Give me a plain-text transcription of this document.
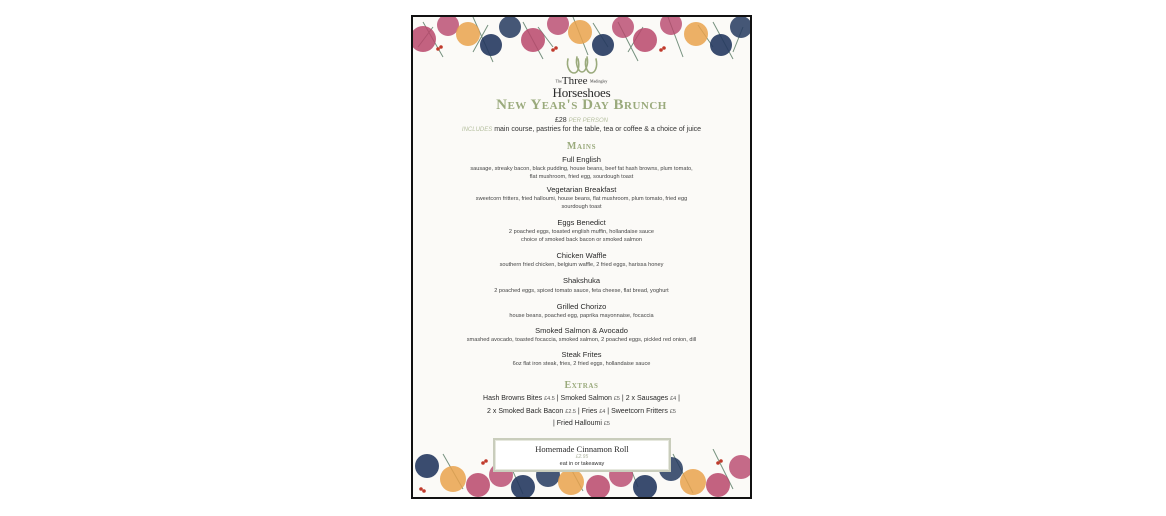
TheThree Madingley
Horseshoes
New Year's Day Brunch
£28 PER PERSON
INCLUDES main course, pastries for the table, tea or coffee & a choice of juice
Mains
Full English
sausage, streaky bacon, black pudding, house beans, beef fat hash browns, plum tomato,
flat mushroom, fried egg, sourdough toast
Vegetarian Breakfast
sweetcorn fritters, fried halloumi, house beans, flat mushroom, plum tomato, fried egg
sourdough toast
Eggs Benedict
2 poached eggs, toasted english muffin, hollandaise sauce
choice of smoked back bacon or smoked salmon
Chicken Waffle
southern fried chicken, belgium waffle, 2 fried eggs, harissa honey
Shakshuka
2 poached eggs, spiced tomato sauce, feta cheese, flat bread, yoghurt
Grilled Chorizo
house beans, poached egg, paprika mayonnaise, focaccia
Smoked Salmon & Avocado
smashed avocado, toasted focaccia, smoked salmon, 2 poached eggs, pickled red onion, dill
Steak Frites
6oz flat iron steak, fries, 2 fried eggs, hollandaise sauce
Extras
Hash Browns Bites £4.5 | Smoked Salmon £5 | 2 x Sausages £4 |
2 x Smoked Back Bacon £2.5 | Fries £4 | Sweetcorn Fritters £5
| Fried Halloumi £5
Homemade Cinnamon Roll
£2.95
eat in or takeaway
